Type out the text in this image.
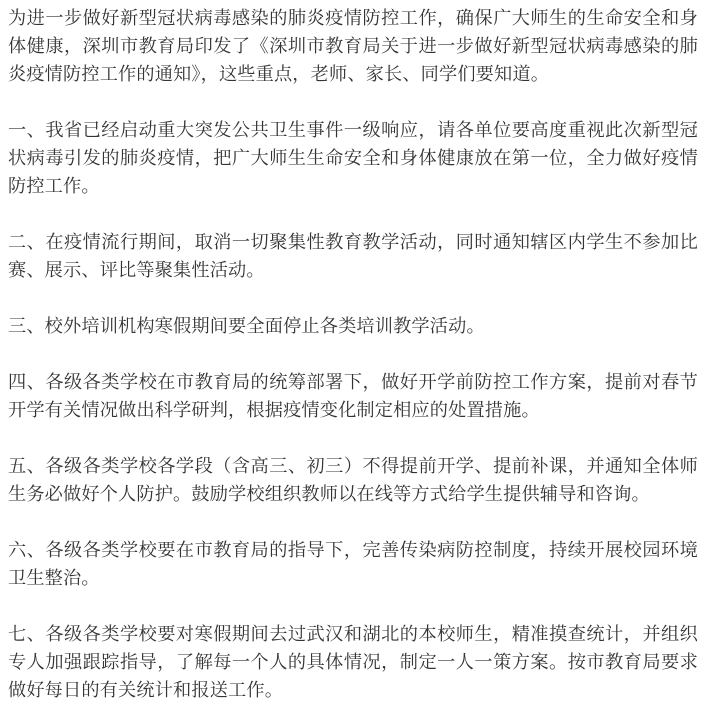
为进一步做好新型冠状病毒感染的肺炎疫情防控工作，确保广大师生的生命安全和身体健康，深圳市教育局印发了《深圳市教育局关于进一步做好新型冠状病毒感染的肺炎疫情防控工作的通知》，这些重点，老师、家长、同学们要知道。

一、我省已经启动重大突发公共卫生事件一级响应，请各单位要高度重视此次新型冠状病毒引发的肺炎疫情，把广大师生生命安全和身体健康放在第一位，全力做好疫情防控工作。

二、在疫情流行期间，取消一切聚集性教育教学活动，同时通知辖区内学生不参加比赛、展示、评比等聚集性活动。

三、校外培训机构寒假期间要全面停止各类培训教学活动。

四、各级各类学校在市教育局的统筹部署下，做好开学前防控工作方案，提前对春节开学有关情况做出科学研判，根据疫情变化制定相应的处置措施。

五、各级各类学校各学段（含高三、初三）不得提前开学、提前补课，并通知全体师生务必做好个人防护。鼓励学校组织教师以在线等方式给学生提供辅导和咨询。

六、各级各类学校要在市教育局的指导下，完善传染病防控制度，持续开展校园环境卫生整治。

七、各级各类学校要对寒假期间去过武汉和湖北的本校师生，精准摸查统计，并组织专人加强跟踪指导，了解每一个人的具体情况，制定一人一策方案。按市教育局要求做好每日的有关统计和报送工作。
